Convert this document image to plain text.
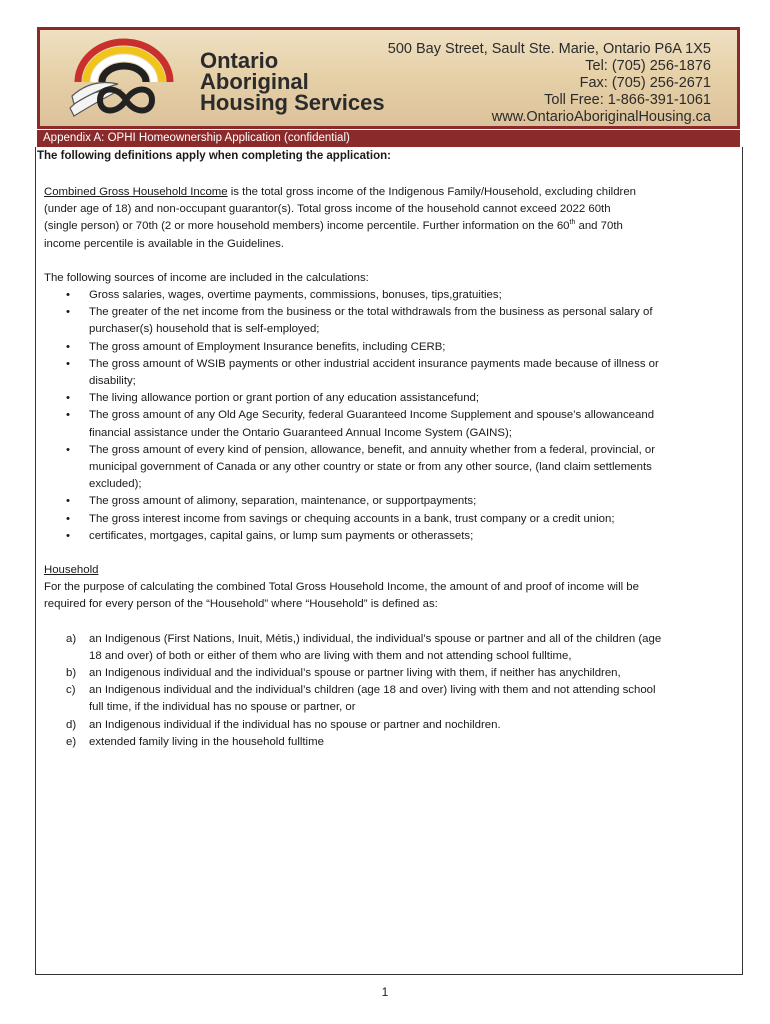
Ontario
Aboriginal
Housing Services
500 Bay Street, Sault Ste. Marie, Ontario P6A 1X5
Tel: (705) 256-1876
Fax: (705) 256-2671
Toll Free: 1-866-391-1061
www.OntarioAboriginalHousing.ca
Appendix A: OPHI Homeownership Application (confidential)
The following definitions apply when completing the application:

Combined Gross Household Income is the total gross income of the Indigenous Family/Household, excluding children
(under age of 18) and non-occupant guarantor(s). Total gross income of the household cannot exceed 2022 60th
(single person) or 70th (2 or more household members) income percentile. Further information on the 60th and 70th
income percentile is available in the Guidelines.

The following sources of income are included in the calculations:

• Gross salaries, wages, overtime payments, commissions, bonuses, tips,gratuities;
• The greater of the net income from the business or the total withdrawals from the business as personal salary of
purchaser(s) household that is self-employed;
• The gross amount of Employment Insurance benefits, including CERB;
• The gross amount of WSIB payments or other industrial accident insurance payments made because of illness or
disability;
• The living allowance portion or grant portion of any education assistancefund;
• The gross amount of any Old Age Security, federal Guaranteed Income Supplement and spouse’s allowanceand
financial assistance under the Ontario Guaranteed Annual Income System (GAINS);
• The gross amount of every kind of pension, allowance, benefit, and annuity whether from a federal, provincial, or
municipal government of Canada or any other country or state or from any other source, (land claim settlements
excluded);
• The gross amount of alimony, separation, maintenance, or supportpayments;
• The gross interest income from savings or chequing accounts in a bank, trust company or a credit union;
• certificates, mortgages, capital gains, or lump sum payments or otherassets;

Household

For the purpose of calculating the combined Total Gross Household Income, the amount of and proof of income will be
required for every person of the “Household” where “Household” is defined as:

a) an Indigenous (First Nations, Inuit, Métis,) individual, the individual’s spouse or partner and all of the children (age
18 and over) of both or either of them who are living with them and not attending school fulltime,
b) an Indigenous individual and the individual’s spouse or partner living with them, if neither has anychildren,
c) an Indigenous individual and the individual’s children (age 18 and over) living with them and not attending school
full time, if the individual has no spouse or partner, or
d) an Indigenous individual if the individual has no spouse or partner and nochildren.
e) extended family living in the household fulltime
1
